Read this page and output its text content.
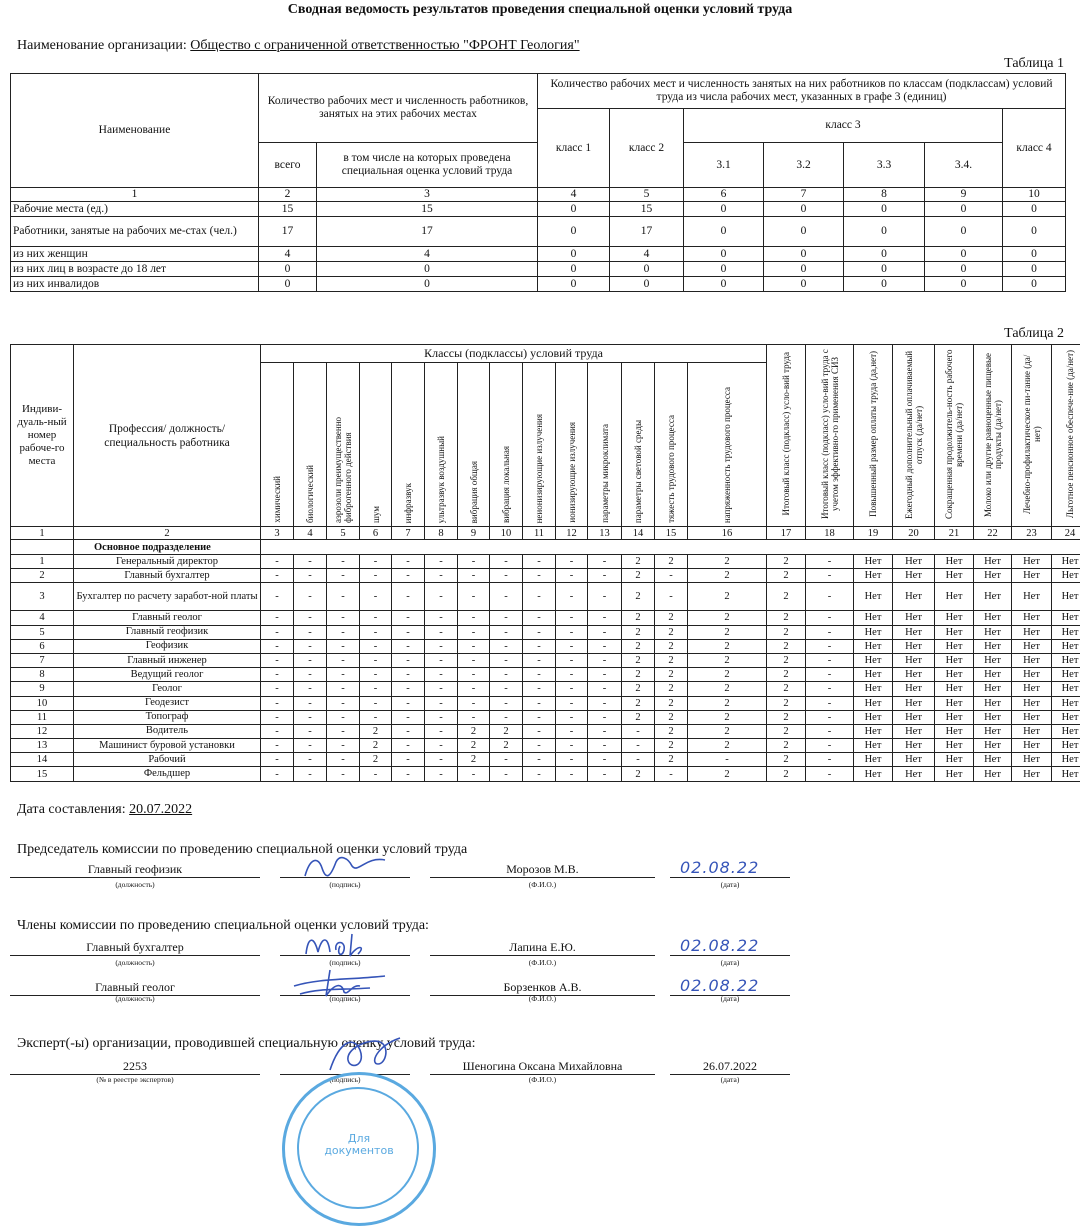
Сводная ведомость результатов проведения специальной оценки условий труда
Наименование организации: Общество с ограниченной ответственностью "ФРОНТ Геология"
Таблица 1
Наименование	Количество рабочих мест и численность работников, занятых на этих рабочих местах		Количество рабочих мест и численность занятых на них работников по классам (подклассам) условий труда из числа рабочих мест, указанных в графе 3 (единиц)						
			класс 1	класс 2	класс 3				класс 4
	всего	в том числе на которых проведена специальная оценка условий труда			3.1	3.2	3.3	3.4.	
1	2	3	4	5	6	7	8	9	10
Рабочие места (ед.)	15	15	0	15	0	0	0	0	0
Работники, занятые на рабочих ме-стах (чел.)	17	17	0	17	0	0	0	0	0
из них женщин	4	4	0	4	0	0	0	0	0
из них лиц в возрасте до 18 лет	0	0	0	0	0	0	0	0	0
из них инвалидов	0	0	0	0	0	0	0	0	0
Таблица 2
Индиви-дуаль-ный номер рабоче-го места	Профессия/ должность/ специальность работника	Классы (подклассы) условий труда														Итоговый класс (подкласс) усло-вий труда	Итоговый класс (подкласс) усло-вий труда с учетом эффективно-го применения СИЗ	Повышенный размер оплаты труда (да,нет)	Ежегодный дополнительный оплачиваемый отпуск (да/нет)	Сокращенная продолжитель-ность рабочего времени (да/нет)	Молоко или другие равноценные пищевые продукты (да/нет)	Лечебно-профилактическое пи-тание (да/нет)	Льготное пенсионное обеспече-ние (да/нет)
		химический	биологический	аэрозоли преимущественно фиброгенного действия	шум	инфразвук	ультразвук воздушный	вибрация общая	вибрация локальная	неионизирующие излучения	ионизирующие излучения	параметры микроклимата	параметры световой среды	тяжесть трудового процесса	напряженность трудового процесса								
1	2	3	4	5	6	7	8	9	10	11	12	13	14	15	16	17	18	19	20	21	22	23	24
	Основное подразделение																						
1	Генеральный директор	-	-	-	-	-	-	-	-	-	-	-	2	2	2	2	-	Нет	Нет	Нет	Нет	Нет	Нет
2	Главный бухгалтер	-	-	-	-	-	-	-	-	-	-	-	2	-	2	2	-	Нет	Нет	Нет	Нет	Нет	Нет
3	Бухгалтер по расчету заработ-ной платы	-	-	-	-	-	-	-	-	-	-	-	2	-	2	2	-	Нет	Нет	Нет	Нет	Нет	Нет
4	Главный геолог	-	-	-	-	-	-	-	-	-	-	-	2	2	2	2	-	Нет	Нет	Нет	Нет	Нет	Нет
5	Главный геофизик	-	-	-	-	-	-	-	-	-	-	-	2	2	2	2	-	Нет	Нет	Нет	Нет	Нет	Нет
6	Геофизик	-	-	-	-	-	-	-	-	-	-	-	2	2	2	2	-	Нет	Нет	Нет	Нет	Нет	Нет
7	Главный инженер	-	-	-	-	-	-	-	-	-	-	-	2	2	2	2	-	Нет	Нет	Нет	Нет	Нет	Нет
8	Ведущий геолог	-	-	-	-	-	-	-	-	-	-	-	2	2	2	2	-	Нет	Нет	Нет	Нет	Нет	Нет
9	Геолог	-	-	-	-	-	-	-	-	-	-	-	2	2	2	2	-	Нет	Нет	Нет	Нет	Нет	Нет
10	Геодезист	-	-	-	-	-	-	-	-	-	-	-	2	2	2	2	-	Нет	Нет	Нет	Нет	Нет	Нет
11	Топограф	-	-	-	-	-	-	-	-	-	-	-	2	2	2	2	-	Нет	Нет	Нет	Нет	Нет	Нет
12	Водитель	-	-	-	2	-	-	2	2	-	-	-	-	2	2	2	-	Нет	Нет	Нет	Нет	Нет	Нет
13	Машинист буровой установки	-	-	-	2	-	-	2	2	-	-	-	-	2	2	2	-	Нет	Нет	Нет	Нет	Нет	Нет
14	Рабочий	-	-	-	2	-	-	2	-	-	-	-	-	2	-	2	-	Нет	Нет	Нет	Нет	Нет	Нет
15	Фельдшер	-	-	-	-	-	-	-	-	-	-	-	2	-	2	2	-	Нет	Нет	Нет	Нет	Нет	Нет
Дата составления: 20.07.2022
Председатель комиссии по проведению специальной оценки условий труда
Главный геофизик
(должность)	(подпись)
Морозов М.В.
(Ф.И.О.)
02.08.22
(дата)
Члены комиссии по проведению специальной оценки условий труда:
Главный бухгалтер
(должность)	(подпись)
Лапина Е.Ю.
(Ф.И.О.)
02.08.22
(дата)
Главный геолог
(должность)	(подпись)
Борзенков А.В.
(Ф.И.О.)
02.08.22
(дата)
Эксперт(-ы) организации, проводившей специальную оценку условий труда:
2253
(№ в реестре экспертов)	(подпись)
Шеногина Оксана Михайловна
(Ф.И.О.)
26.07.2022
(дата)
Для документов
